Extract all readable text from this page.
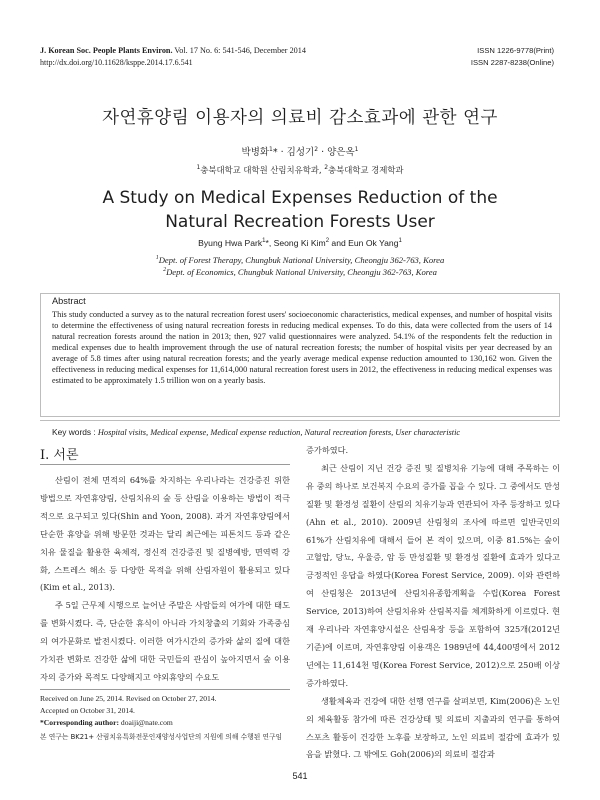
J. Korean Soc. People Plants Environ. Vol. 17 No. 6: 541-546, December 2014
http://dx.doi.org/10.11628/ksppe.2014.17.6.541
ISSN 1226-9778(Print)
ISSN 2287-8238(Online)
자연휴양림 이용자의 의료비 감소효과에 관한 연구
박병화$^1$* · 김성기$^2$ · 양은옥$^1$
$^1$충북대학교 대학원 산림치유학과, $^2$충북대학교 경제학과
A Study on Medical Expenses Reduction of the
Natural Recreation Forests User
Byung Hwa Park$^1$*, Seong Ki Kim$^2$ and Eun Ok Yang$^1$
$^1$Dept. of Forest Therapy, Chungbuk National University, Cheongju 362-763, Korea
$^2$Dept. of Economics, Chungbuk National University, Cheongju 362-763, Korea
Abstract
This study conducted a survey as to the natural recreation forest users' socioeconomic characteristics, medical expenses, and number of hospital visits to determine the effectiveness of using natural recreation forests in reducing medical expenses. To do this, data were collected from the users of 14 natural recreation forests around the nation in 2013; then, 927 valid questionnaires were analyzed. 54.1% of the respondents felt the reduction in medical expenses due to health improvement through the use of natural recreation forests; the number of hospital visits per year decreased by an average of 5.8 times after using natural recreation forests; and the yearly average medical expense reduction amounted to 130,162 won. Given the effectiveness in reducing medical expenses for 11,614,000 natural recreation forest users in 2012, the effectiveness in reducing medical expenses was estimated to be approximately 1.5 trillion won on a yearly basis.
Key words : Hospital visits, Medical expense, Medical expense reduction, Natural recreation forests, User characteristic
Ⅰ. 서론

산림이 전체 면적의 64%를 차지하는 우리나라는 건강증진 위한 방법으로 자연휴양림, 산림치유의 숲 등 산림을 이용하는 방법이 적극적으로 요구되고 있다(Shin and Yoon, 2008). 과거 자연휴양림에서 단순한 휴양을 위해 방문한 것과는 달리 최근에는 피톤치드 등과 같은 치유 물질을 활용한 육체적, 정신적 건강증진 및 질병예방, 면역력 강화, 스트레스 해소 등 다양한 목적을 위해 산림자원이 활용되고 있다(Kim et al., 2013).

주 5일 근무제 시행으로 늘어난 주말은 사람들의 여가에 대한 태도를 변화시켰다. 즉, 단순한 휴식이 아니라 가치창출의 기회와 가족중심의 여가문화로 발전시켰다. 이러한 여가시간의 증가와 삶의 질에 대한 가치관 변화로 건강한 삶에 대한 국민들의 관심이 높아지면서 숲 이용자의 증가와 목적도 다양해지고 야외휴양의 수요도

증가하였다.

최근 산림이 지닌 건강 증진 및 질병치유 기능에 대해 주목하는 이유 중의 하나로 보건복지 수요의 증가를 꼽을 수 있다. 그 중에서도 만성질환 및 환경성 질환이 산림의 치유기능과 연관되어 자주 등장하고 있다(Ahn et al., 2010). 2009년 산림청의 조사에 따르면 일반국민의 61%가 산림치유에 대해서 들어 본 적이 있으며, 이중 81.5%는 숲이 고혈압, 당뇨, 우울증, 암 등 만성질환 및 환경성 질환에 효과가 있다고 긍정적인 응답을 하였다(Korea Forest Service, 2009). 이와 관련하여 산림청은 2013년에 산림치유종합계획을 수립(Korea Forest Service, 2013)하여 산림치유와 산림복지를 체계화하게 이르렀다. 현재 우리나라 자연휴양시설은 산림욕장 등을 포함하여 325개(2012년 기준)에 이르며, 자연휴양림 이용객은 1989년에 44,400명에서 2012년에는 11,614천 명(Korea Forest Service, 2012)으로 250배 이상 증가하였다.

생활체육과 건강에 대한 선행 연구를 살펴보면, Kim(2006)은 노인의 체육활동 참가에 따른 건강상태 및 의료비 지출과의 연구를 통하여 스포츠 활동이 건강한 노후를 보장하고, 노인 의료비 절감에 효과가 있음을 밝혔다. 그 밖에도 Goh(2006)의 의료비 절감과

Received on June 25, 2014. Revised on October 27, 2014.
Accepted on October 31, 2014.
*Corresponding author: doaiji@nate.com
본 연구는 BK21+ 산림치유특화전문인재양성사업단의 지원에 의해 수행된 연구임
541
